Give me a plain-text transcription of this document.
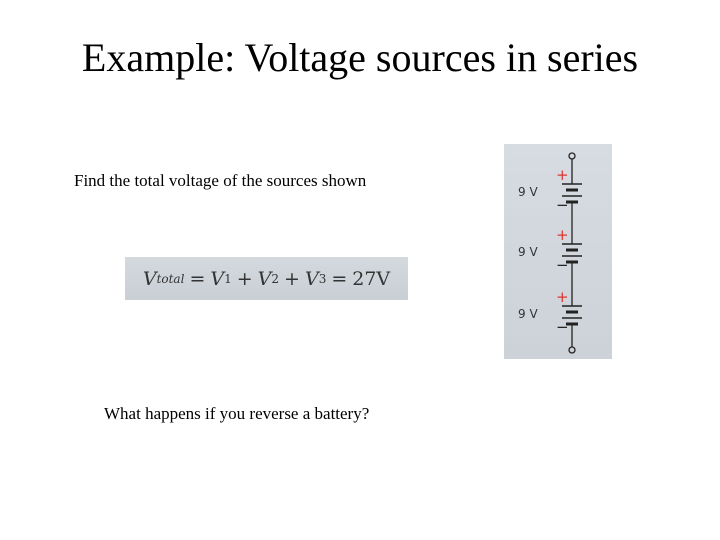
Example: Voltage sources in series
Find the total voltage of the sources shown
V total = V 1 + V 2 + V 3 = 27V
9 V
+
−
9 V
+
−
9 V
+
−
What happens if you reverse a battery?
